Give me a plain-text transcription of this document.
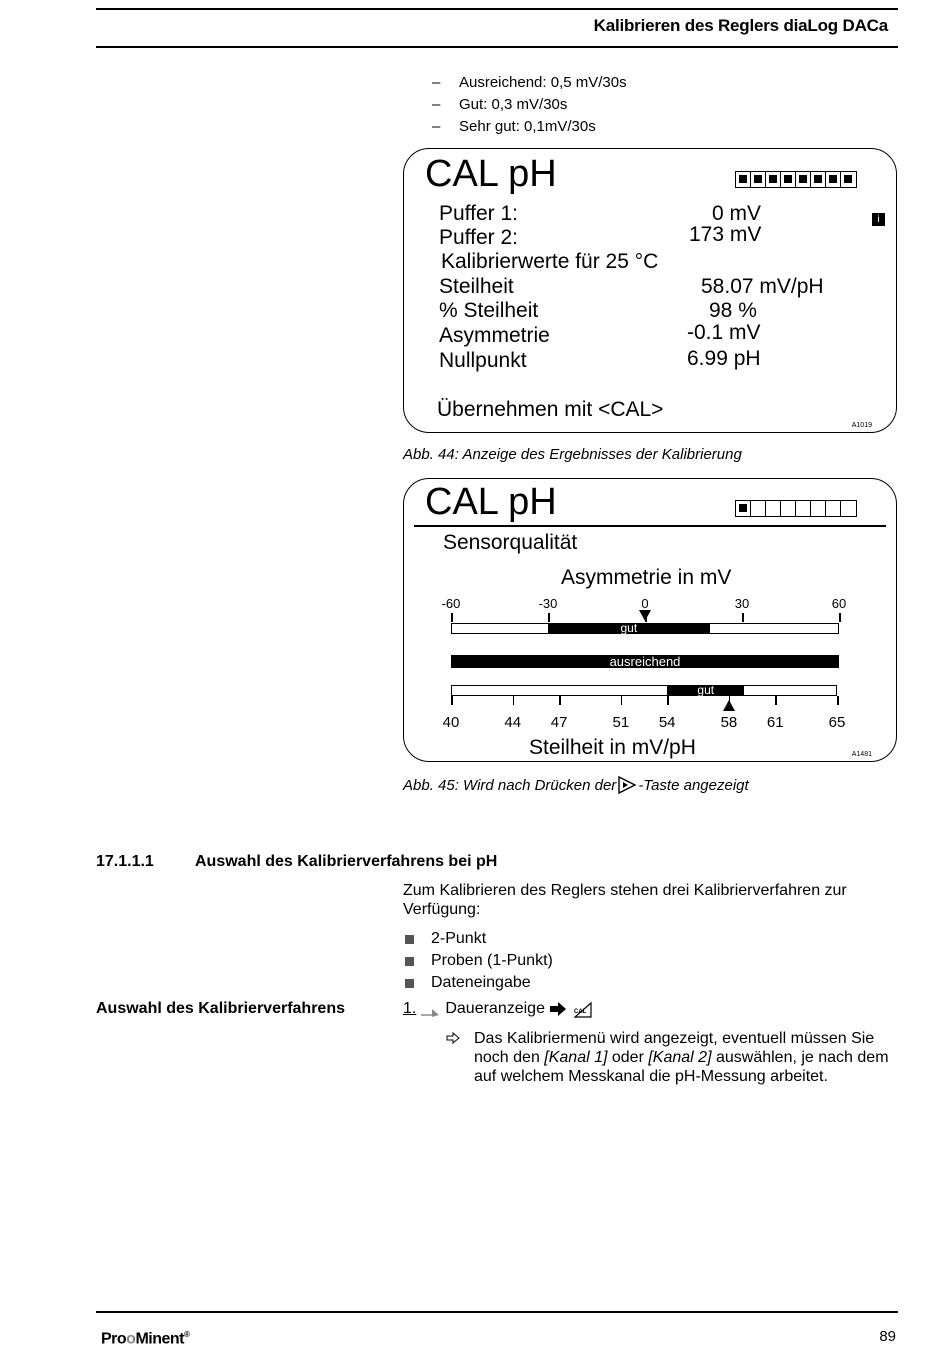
Kalibrieren des Reglers diaLog DACa
–	Ausreichend: 0,5 mV/30s
–	Gut: 0,3 mV/30s
–	Sehr gut: 0,1mV/30s
CAL pH
i
Puffer 1:	0 mV
Puffer 2:	173 mV
Kalibrierwerte für 25 °C
Steilheit	58.07 mV/pH
% Steilheit	98 %
Asymmetrie	-0.1 mV
Nullpunkt	6.99 pH
Übernehmen mit <CAL>
A1019
Abb. 44: Anzeige des Ergebnisses der Kalibrierung
CAL pH
Sensorqualität
Asymmetrie in mV
-60	-30	0	30	60
gut
ausreichend
gut
40	44 47	51 54	58 61	65
Steilheit in mV/pH	A1481
Abb. 45: Wird nach Drücken der -Taste angezeigt
17.1.1.1	Auswahl des Kalibrierverfahrens bei pH
Zum Kalibrieren des Reglers stehen drei Kalibrierverfahren zur Verfügung:
2-Punkt
Proben (1-Punkt)
Dateneingabe
Auswahl des Kalibrierverfahrens	1. Daueranzeige	CAL
Das Kalibriermenü wird angezeigt, eventuell müssen Sie noch den [Kanal 1] oder [Kanal 2] auswählen, je nach dem auf welchem Messkanal die pH-Messung arbeitet.
ProoMinent®	89
